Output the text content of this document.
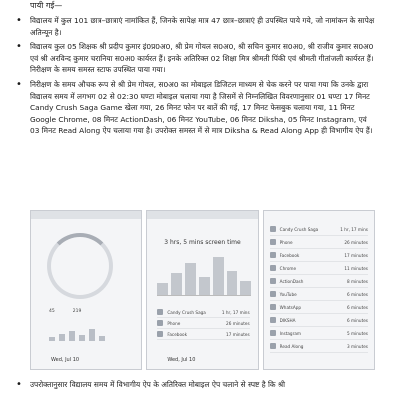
पायी गई—
• विद्यालय में कुल 101 छात्र–छात्राएं नामांकित हैं, जिनके सापेक्ष मात्र 47 छात्र–छात्राएं ही उपस्थित पाये गये, जो नामांकन के सापेक्ष अतिन्यून है।
• विद्यालय कुल 05 शिक्षक श्री प्रदीप कुमार इं0प्र0अ0, श्री प्रेम गोयल स0अ0, श्री सचिन कुमार स0अ0, श्री राजीव कुमार स0अ0 एवं श्री अरविन्द कुमार चरानिया स0अ0 कार्यरत हैं। इनके अतिरिक्त 02 शिक्षा मित्र श्रीमती पिंकी एवं श्रीमती गीतांजली कार्यरत हैं। निरीक्षण के समय समस्त स्टाफ उपस्थित पाया गया।
• निरीक्षण के समय औचक रूप से श्री प्रेम गोयल, स0अ0 का मोबाइल डिजिटल माध्यम से चेक करने पर पाया गया कि उनके द्वारा विद्यालय समय में लगभग 02 से 02:30 घण्टा मोबाइल चलाया गया है जिसमें से निम्नलिखित विवरणानुसार 01 घण्टा 17 मिनट Candy Crush Saga Game खेला गया, 26 मिनट फोन पर बातें की गई, 17 मिनट फेसबुक चलाया गया, 11 मिनट Google Chrome, 08 मिनट ActionDash, 06 मिनट YouTube, 06 मिनट Diksha, 05 मिनट Instagram, एवं 03 मिनट Read Along ऐप चलाया गया है। उपरोक्त समस्त में से मात्र Diksha & Read Along App ही विभागीय ऐप हैं।
45	219
Wed, Jul 10
3 hrs, 5 mins screen time
Candy Crush Saga	1 hr, 17 mins
Phone	26 minutes
Facebook	17 minutes
Wed, Jul 10
Candy Crush Saga	1 hr, 17 mins
Phone	26 minutes
Facebook	17 minutes
Chrome	11 minutes
ActionDash	8 minutes
YouTube	6 minutes
WhatsApp	6 minutes
DIKSHA	6 minutes
Instagram	5 minutes
Read Along	3 minutes
• उपरोक्तानुसार विद्यालय समय में विभागीय ऐप के अतिरिक्त मोबाइल ऐप चलाने से स्पष्ट है कि श्री
